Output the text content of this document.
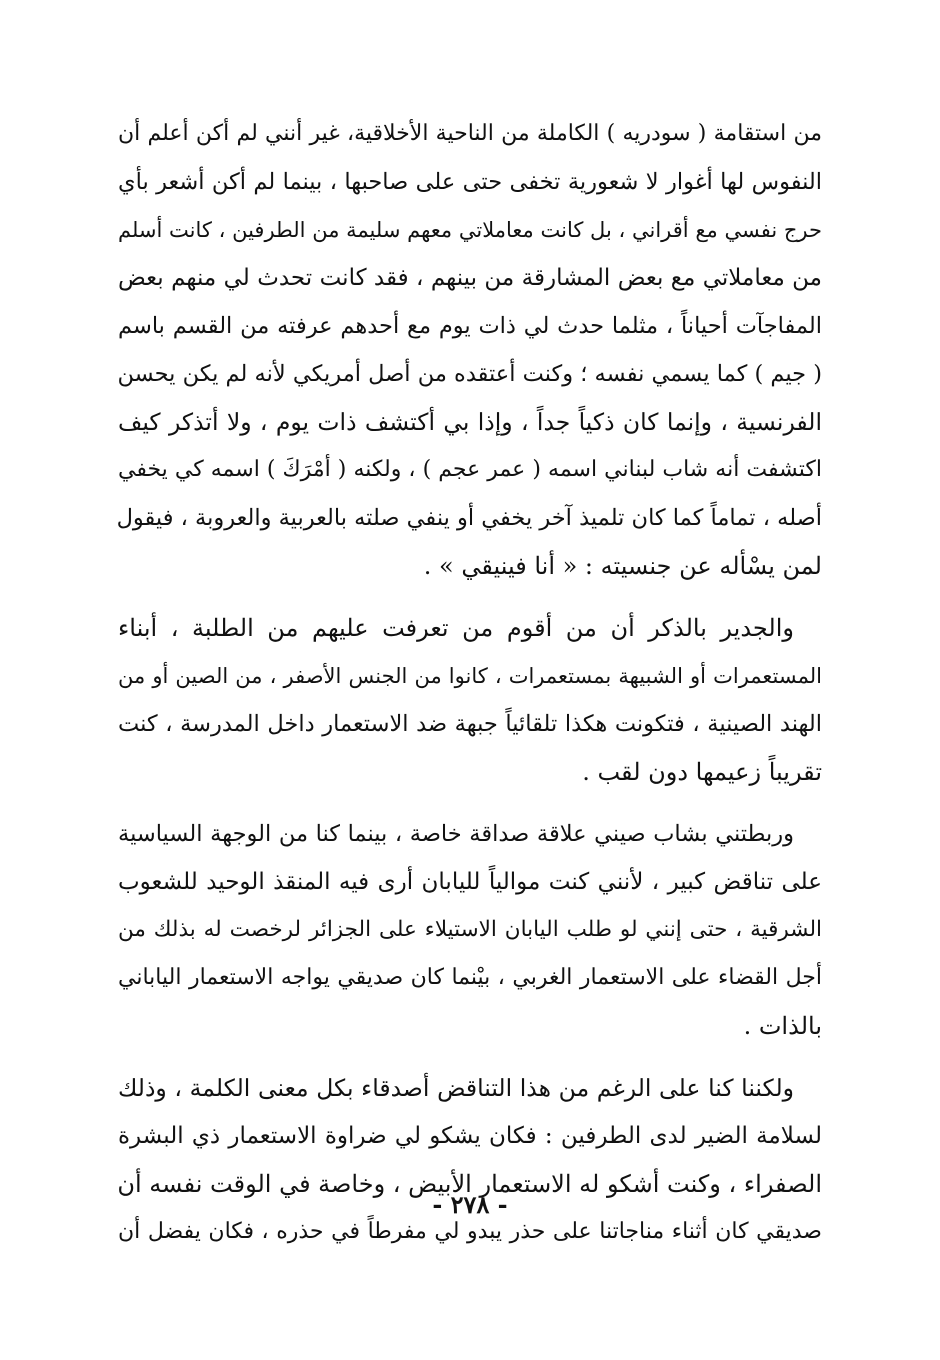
من استقامة ( سودريه ) الكاملة من الناحية الأخلاقية، غير أنني لم أكن أعلم أن
النفوس لها أغوار لا شعورية تخفى حتى على صاحبها ، بينما لم أكن أشعر بأي
حرج نفسي مع أقراني ، بل كانت معاملاتي معهم سليمة من الطرفين ، كانت أسلم
من معاملاتي مع بعض المشارقة من بينهم ، فقد كانت تحدث لي منهم بعض
المفاجآت أحياناً ، مثلما حدث لي ذات يوم مع أحدهم عرفته من القسم باسم
( جيم ) كما يسمي نفسه ؛ وكنت أعتقده من أصل أمريكي لأنه لم يكن يحسن
الفرنسية ، وإنما كان ذكياً جداً ، وإذا بي أكتشف ذات يوم ، ولا أتذكر كيف
اكتشفت أنه شاب لبناني اسمه ( عمر عجم ) ، ولكنه ( أمْرَكَ ) اسمه كي يخفي
أصله ، تماماً كما كان تلميذ آخر يخفي أو ينفي صلته بالعربية والعروبة ، فيقول
لمن يسْأله عن جنسيته : « أنا فينيقي » .

والجدير بالذكر أن من أقوم من تعرفت عليهم من الطلبة ، أبناء
المستعمرات أو الشبيهة بمستعمرات ، كانوا من الجنس الأصفر ، من الصين أو من
الهند الصينية ، فتكونت هكذا تلقائياً جبهة ضد الاستعمار داخل المدرسة ، كنت
تقريباً زعيمها دون لقب .

وربطتني بشاب صيني علاقة صداقة خاصة ، بينما كنا من الوجهة السياسية
على تناقض كبير ، لأنني كنت موالياً لليابان أرى فيه المنقذ الوحيد للشعوب
الشرقية ، حتى إنني لو طلب اليابان الاستيلاء على الجزائر لرخصت له بذلك من
أجل القضاء على الاستعمار الغربي ، بيْنما كان صديقي يواجه الاستعمار الياباني
بالذات .

ولكننا كنا على الرغم من هذا التناقض أصدقاء بكل معنى الكلمة ، وذلك
لسلامة الضير لدى الطرفين : فكان يشكو لي ضراوة الاستعمار ذي البشرة
الصفراء ، وكنت أشكو له الاستعمار الأبيض ، وخاصة في الوقت نفسه أن
صديقي كان أثناء مناجاتنا على حذر يبدو لي مفرطاً في حذره ، فكان يفضل أن

- ٢٧٨ -
